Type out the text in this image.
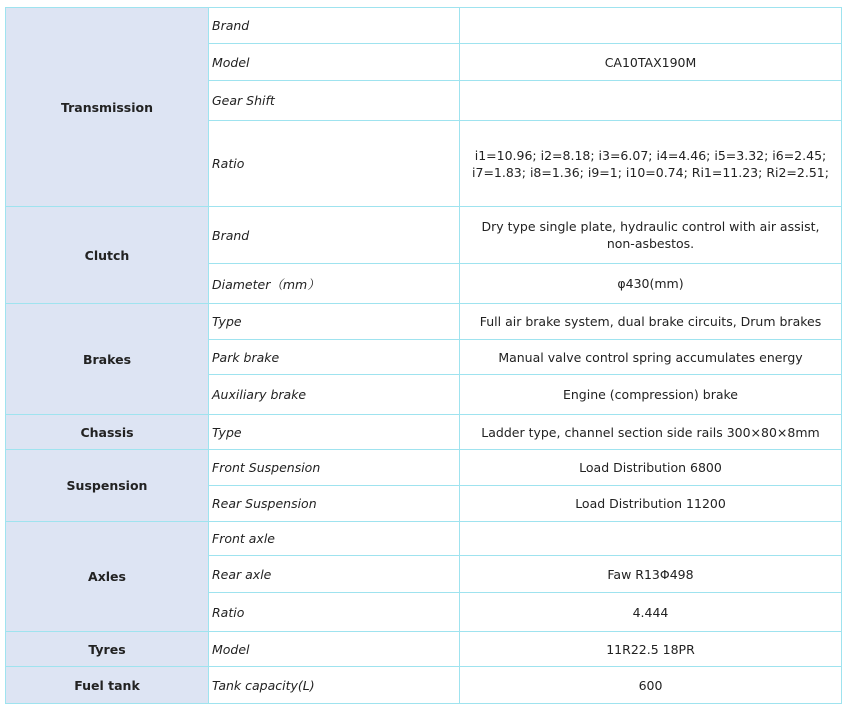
Transmission	Brand	
	Model	CA10TAX190M
	Gear Shift	
	Ratio	i1=10.96; i2=8.18; i3=6.07; i4=4.46; i5=3.32; i6=2.45;
i7=1.83; i8=1.36; i9=1; i10=0.74; Ri1=11.23; Ri2=2.51;

Clutch	Brand	Dry type single plate, hydraulic control with air assist, non-asbestos.
	Diameter（mm）	φ430(mm)
Brakes	Type	Full air brake system, dual brake circuits, Drum brakes
	Park brake	Manual valve control spring accumulates energy
	Auxiliary brake	Engine (compression) brake
Chassis	Type	Ladder type, channel section side rails 300×80×8mm
Suspension	Front Suspension	Load Distribution 6800
	Rear Suspension	Load Distribution 11200
Axles	Front axle	
	Rear axle	Faw R13Φ498
	Ratio	4.444
Tyres	Model	11R22.5 18PR
Fuel tank	Tank capacity(L)	600
